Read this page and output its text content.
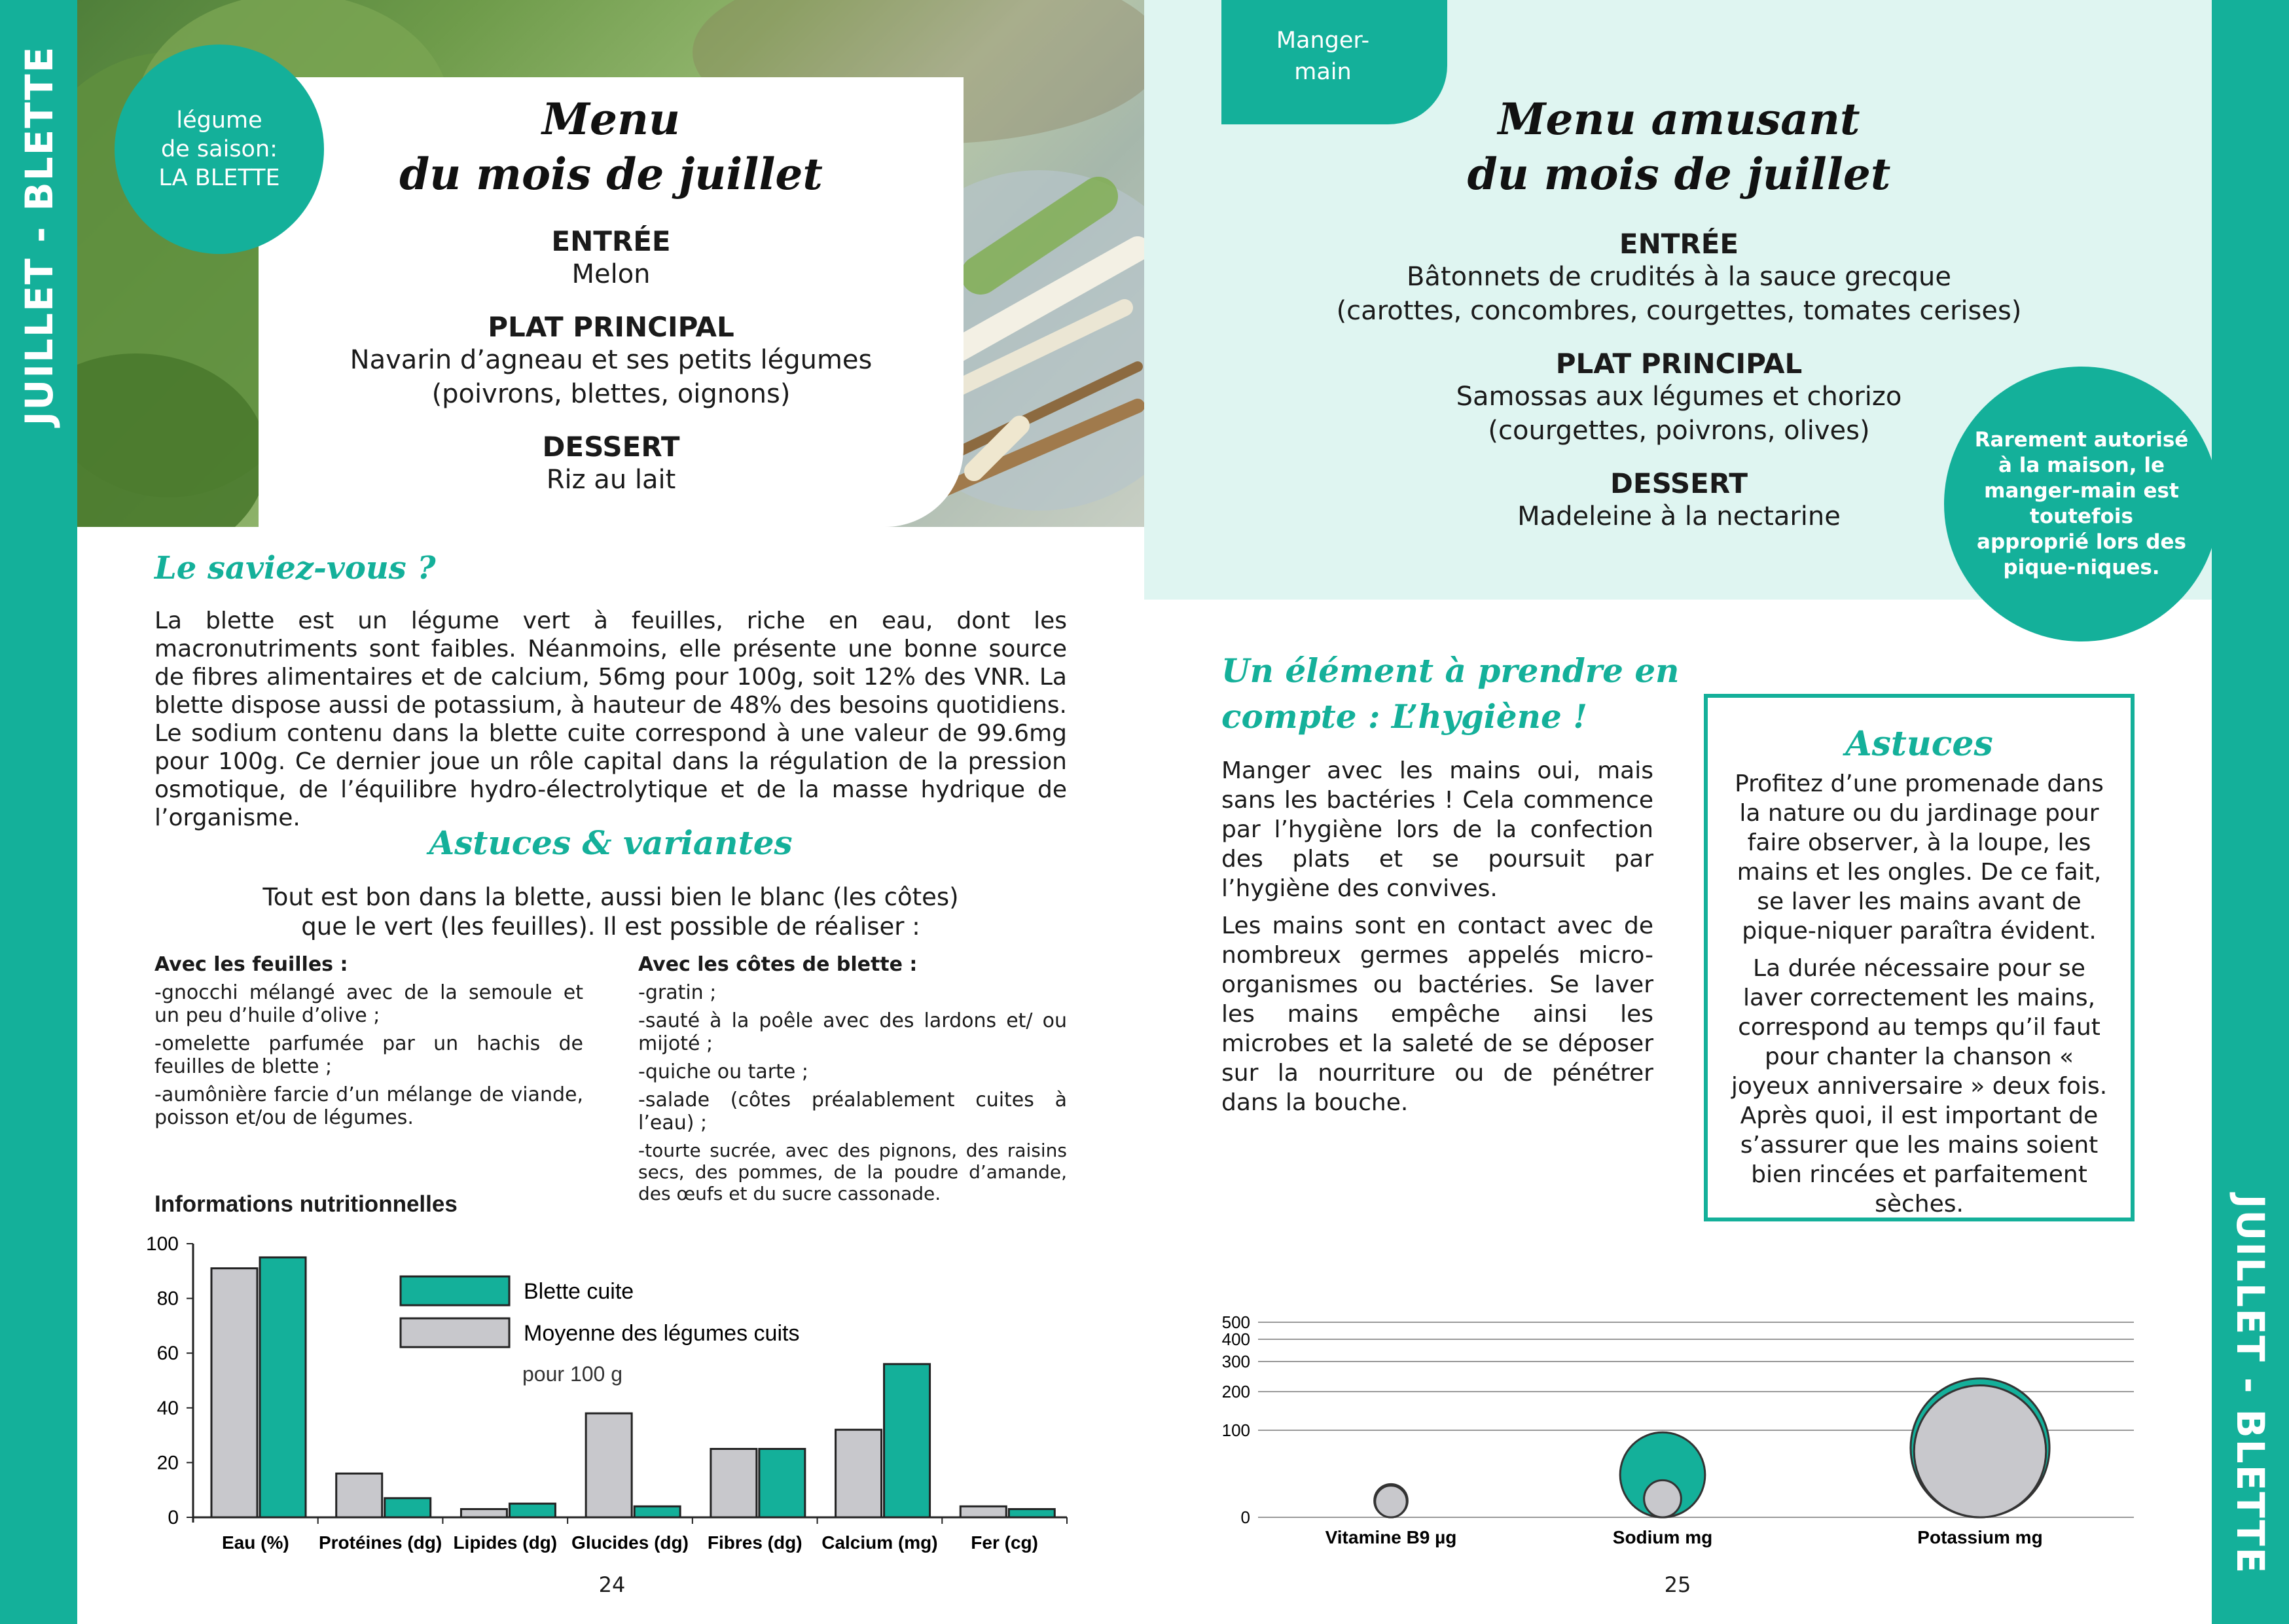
JUILLET - BLETTE	Menu
du mois de juillet
ENTRÉE
Melon
PLAT PRINCIPAL
Navarin d’agneau et ses petits légumes
(poivrons, blettes, oignons)
DESSERT
Riz au lait
légume
de saison:
LA BLETTE
Le saviez-vous ?
La blette est un légume vert à feuilles, riche en eau, dont les macronutriments sont faibles. Néanmoins, elle présente une bonne source de fibres alimentaires et de calcium, 56mg pour 100g, soit 12% des VNR. La blette dispose aussi de potassium, à hauteur de 48% des besoins quotidiens. Le sodium contenu dans la blette cuite correspond à une valeur de 99.6mg pour 100g. Ce dernier joue un rôle capital dans la régulation de la pression osmotique, de l’équilibre hydro-électrolytique et de la masse hydrique de l’organisme.
Astuces & variantes
Tout est bon dans la blette, aussi bien le blanc (les côtes)
que le vert (les feuilles). Il est possible de réaliser :
Avec les feuilles :
-gnocchi mélangé avec de la semoule et un peu d’huile d’olive ;
-omelette parfumée par un hachis de feuilles de blette ;
-aumônière farcie d’un mélange de viande, poisson et/ou de légumes.
Avec les côtes de blette :
-gratin ;
-sauté à la poêle avec des lardons et/ ou mijoté ;
-quiche ou tarte ;
-salade (côtes préalablement cuites à l’eau) ;
-tourte sucrée, avec des pignons, des raisins secs, des pommes, de la poudre d’amande, des œufs et du sucre cassonade.
Informations nutritionnelles
0
20
40
60
80
100
Eau (%) Protéines (dg) Lipides (dg) Glucides (dg) Fibres (dg) Calcium (mg) Fer (cg)
Blette cuite
Moyenne des légumes cuits
pour 100 g
24
Manger-
main
Menu amusant
du mois de juillet
ENTRÉE
Bâtonnets de crudités à la sauce grecque
(carottes, concombres, courgettes, tomates cerises)
PLAT PRINCIPAL
Samossas aux légumes et chorizo
(courgettes, poivrons, olives)
DESSERT
Madeleine à la nectarine
Rarement autorisé à la maison, le manger-main est toutefois approprié lors des pique-niques.
Un élément à prendre en
compte : L’hygiène !
Manger avec les mains oui, mais sans les bactéries ! Cela commence par l’hygiène lors de la confection des plats et se poursuit par l’hygiène des convives.
Les mains sont en contact avec de nombreux germes appelés micro-organismes ou bactéries. Se laver les mains empêche ainsi les microbes et la saleté de se déposer sur la nourriture ou de pénétrer dans la bouche.
Astuces
Profitez d’une promenade dans la nature ou du jardinage pour faire observer, à la loupe, les mains et les ongles. De ce fait, se laver les mains avant de pique-niquer paraîtra évident.
La durée nécessaire pour se laver correctement les mains, correspond au temps qu’il faut pour chanter la chanson « joyeux anniversaire » deux fois. Après quoi, il est important de s’assurer que les mains soient bien rincées et parfaitement sèches.
0
100
200
300
400
500
Vitamine B9 µg	Sodium mg	Potassium mg
25
JUILLET - BLETTE
